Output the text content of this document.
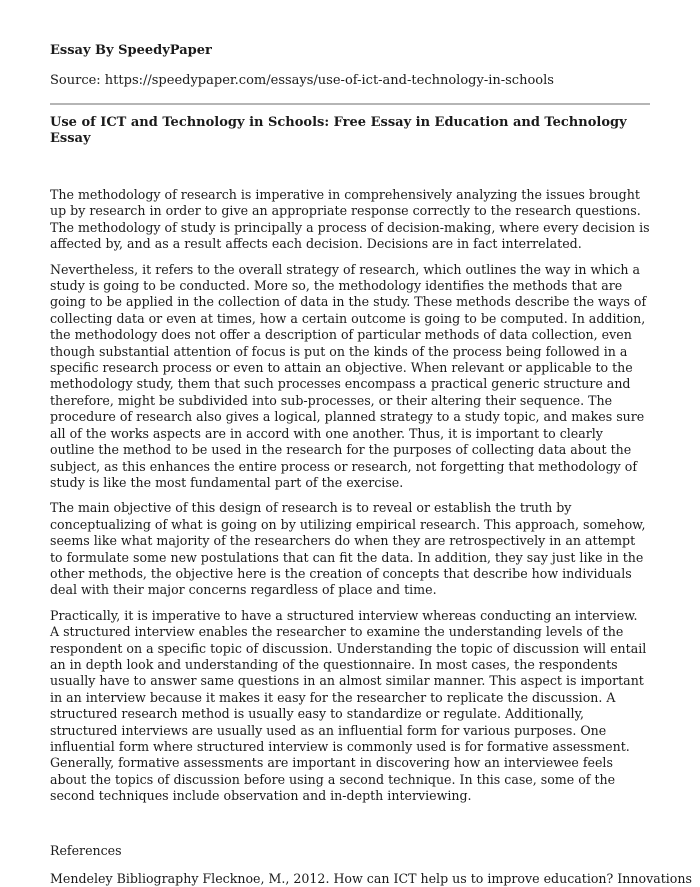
Essay By SpeedyPaper
Source: https://speedypaper.com/essays/use-of-ict-and-technology-in-schools
Use of ICT and Technology in Schools: Free Essay in Education and Technology Essay

The methodology of research is imperative in comprehensively analyzing the issues brought up by research in order to give an appropriate response correctly to the research questions. The methodology of study is principally a process of decision-making, where every decision is affected by, and as a result affects each decision. Decisions are in fact interrelated.

Nevertheless, it refers to the overall strategy of research, which outlines the way in which a study is going to be conducted. More so, the methodology identifies the methods that are going to be applied in the collection of data in the study. These methods describe the ways of collecting data or even at times, how a certain outcome is going to be computed. In addition, the methodology does not offer a description of particular methods of data collection, even though substantial attention of focus is put on the kinds of the process being followed in a specific research process or even to attain an objective. When relevant or applicable to the methodology study, them that such processes encompass a practical generic structure and therefore, might be subdivided into sub-processes, or their altering their sequence. The procedure of research also gives a logical, planned strategy to a study topic, and makes sure all of the works aspects are in accord with one another. Thus, it is important to clearly outline the method to be used in the research for the purposes of collecting data about the subject, as this enhances the entire process or research, not forgetting that methodology of study is like the most fundamental part of the exercise.

The main objective of this design of research is to reveal or establish the truth by conceptualizing of what is going on by utilizing empirical research. This approach, somehow, seems like what majority of the researchers do when they are retrospectively in an attempt to formulate some new postulations that can fit the data. In addition, they say just like in the other methods, the objective here is the creation of concepts that describe how individuals deal with their major concerns regardless of place and time.

Practically, it is imperative to have a structured interview whereas conducting an interview. A structured interview enables the researcher to examine the understanding levels of the respondent on a specific topic of discussion. Understanding the topic of discussion will entail an in depth look and understanding of the questionnaire. In most cases, the respondents usually have to answer same questions in an almost similar manner. This aspect is important in an interview because it makes it easy for the researcher to replicate the discussion. A structured research method is usually easy to standardize or regulate. Additionally, structured interviews are usually used as an influential form for various purposes. One influential form where structured interview is commonly used is for formative assessment. Generally, formative assessments are important in discovering how an interviewee feels about the topics of discussion before using a second technique. In this case, some of the second techniques include observation and in-depth interviewing.

References
Mendeley Bibliography Flecknoe, M., 2012. How can ICT help us to improve education? Innovations
